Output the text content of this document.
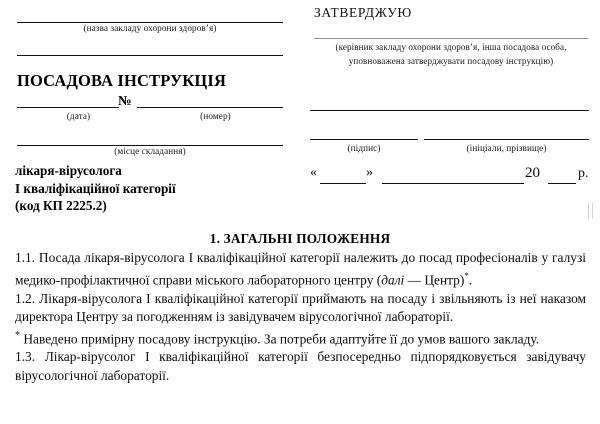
(назва закладу охорони здоров’я)
ПОСАДОВА ІНСТРУКЦІЯ
№
(дата)	(номер)
(місце складання)
лікаря-вірусолога
І кваліфікаційної категорії
(код КП 2225.2)
ЗАТВЕРДЖУЮ
(керівник закладу охорони здоров’я, інша посадова особа, уповноважена затверджувати посадову інструкцію)
(підпис)	(ініціали, прізвище)
«	»	20	р.
1. ЗАГАЛЬНІ ПОЛОЖЕННЯ

1.1. Посада лікаря-вірусолога І кваліфікаційної категорії належить до посад професіоналів у галузі медико-профілактичної справи міського лабораторного центру (далі — Центр)*.

1.2. Лікаря-вірусолога І кваліфікаційної категорії приймають на посаду і звільняють із неї наказом директора Центру за погодженням із завідувачем вірусологічної лабораторії.

* Наведено примірну посадову інструкцію. За потреби адаптуйте її до умов вашого закладу.

1.3. Лікар-вірусолог І кваліфікаційної категорії безпосередньо підпорядковується завідувачу вірусологічної лабораторії.
